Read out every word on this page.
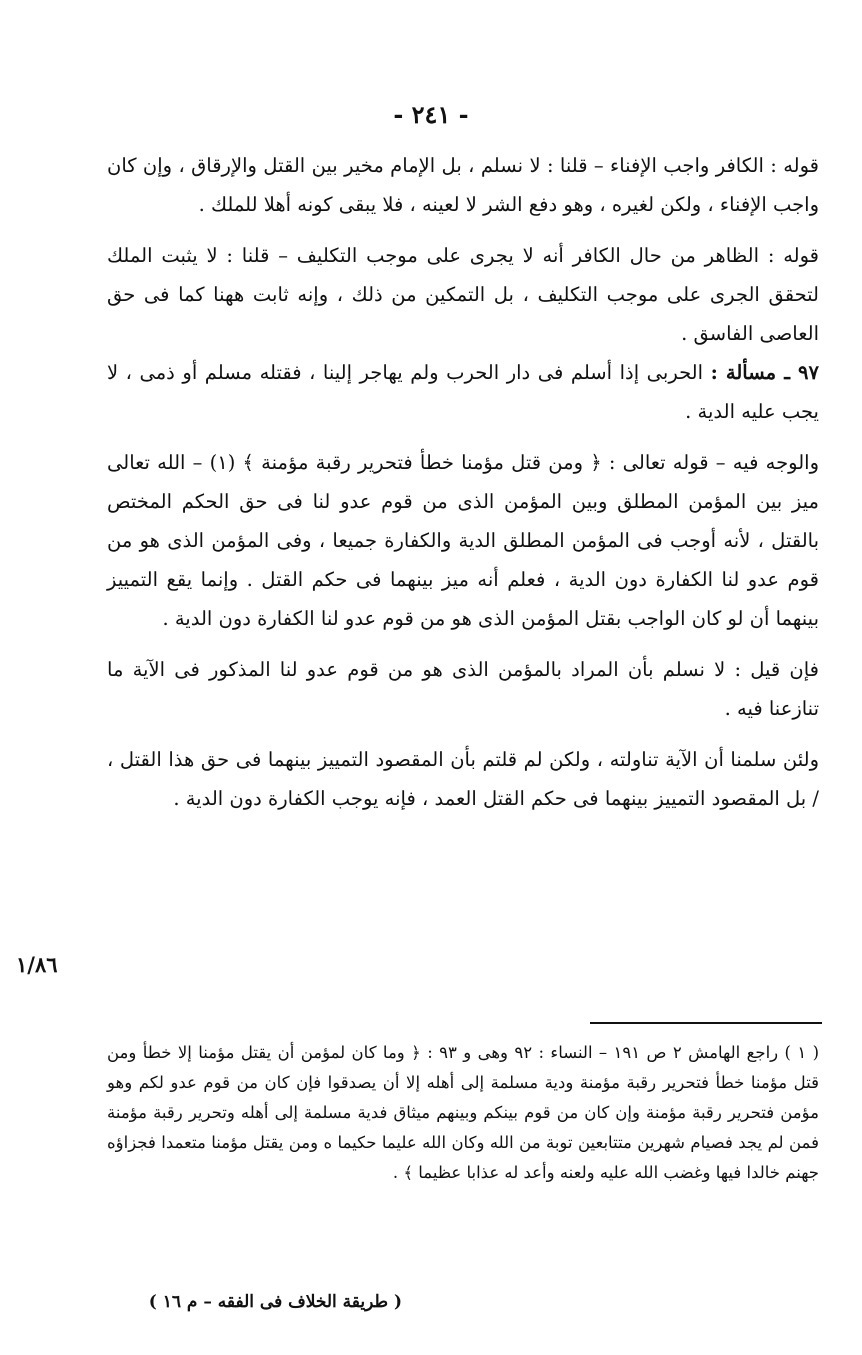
- ٢٤١ -

قوله : الكافر واجب الإفناء – قلنا : لا نسلم ، بل الإمام مخير بين القتل والإرقاق ، وإن كان واجب الإفناء ، ولكن لغيره ، وهو دفع الشر لا لعينه ، فلا يبقى كونه أهلا للملك .

قوله : الظاهر من حال الكافر أنه لا يجرى على موجب التكليف – قلنا : لا يثبت الملك لتحقق الجرى على موجب التكليف ، بل التمكين من ذلك ، وإنه ثابت ههنا كما فى حق العاصى الفاسق .

٩٧ ـ مسألة : الحربى إذا أسلم فى دار الحرب ولم يهاجر إلينا ، فقتله مسلم أو ذمى ، لا يجب عليه الدية .

والوجه فيه – قوله تعالى : ﴿ ومن قتل مؤمنا خطأ فتحرير رقبة مؤمنة ﴾ (١) – الله تعالى ميز بين المؤمن المطلق وبين المؤمن الذى من قوم عدو لنا فى حق الحكم المختص بالقتل ، لأنه أوجب فى المؤمن المطلق الدية والكفارة جميعا ، وفى المؤمن الذى هو من قوم عدو لنا الكفارة دون الدية ، فعلم أنه ميز بينهما فى حكم القتل . وإنما يقع التمييز بينهما أن لو كان الواجب بقتل المؤمن الذى هو من قوم عدو لنا الكفارة دون الدية .

فإن قيل : لا نسلم بأن المراد بالمؤمن الذى هو من قوم عدو لنا المذكور فى الآية ما تنازعنا فيه .

ولئن سلمنا أن الآية تناولته ، ولكن لم قلتم بأن المقصود التمييز بينهما فى حق هذا القتل ، / بل المقصود التمييز بينهما فى حكم القتل العمد ، فإنه يوجب الكفارة دون الدية .

١/٨٦
( ١ ) راجع الهامش ٢ ص ١٩١ – النساء : ٩٢ وهى و ٩٣ : ﴿ وما كان لمؤمن أن يقتل مؤمنا إلا خطأ ومن قتل مؤمنا خطأ فتحرير رقبة مؤمنة ودية مسلمة إلى أهله إلا أن يصدقوا فإن كان من قوم عدو لكم وهو مؤمن فتحرير رقبة مؤمنة وإن كان من قوم بينكم وبينهم ميثاق فدية مسلمة إلى أهله وتحرير رقبة مؤمنة فمن لم يجد فصيام شهرين متتابعين توبة من الله وكان الله عليما حكيما ه ومن يقتل مؤمنا متعمدا فجزاؤه جهنم خالدا فيها وغضب الله عليه ولعنه وأعد له عذابا عظيما ﴾ .
( طريقة الخلاف فى الفقه – م ١٦ )
